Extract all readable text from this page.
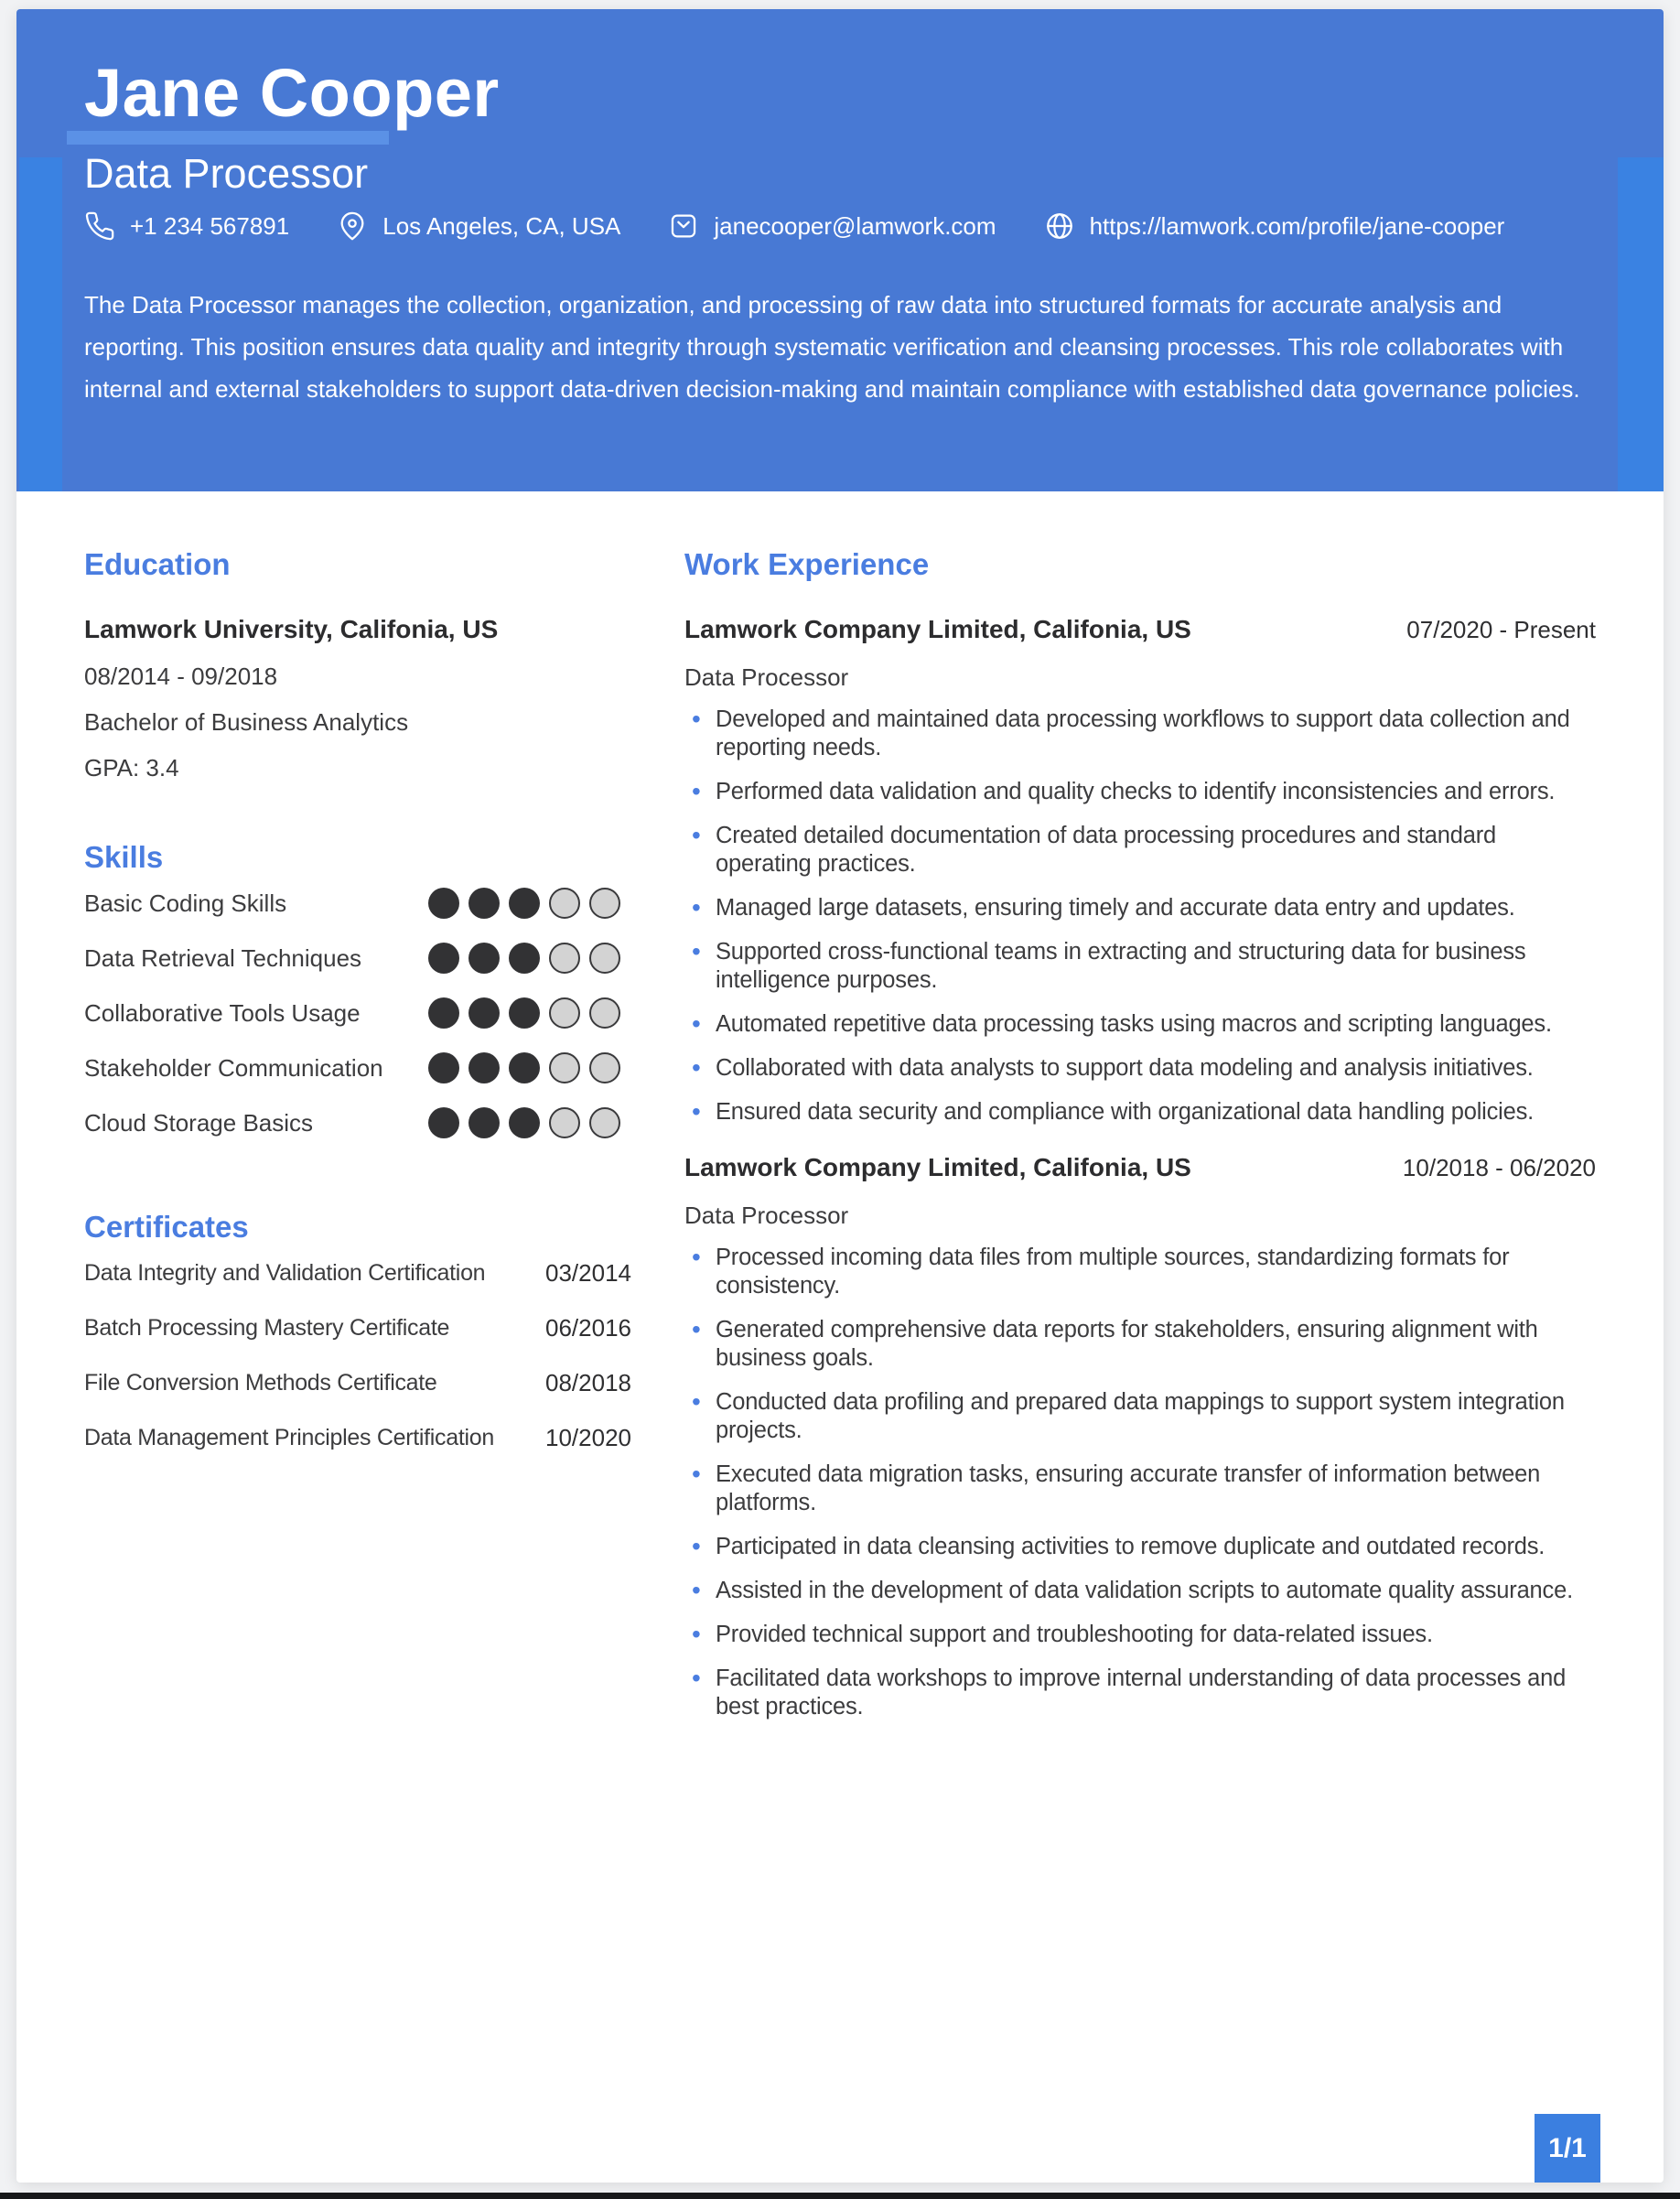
Jane Cooper
Data Processor
+1 234 567891	Los Angeles, CA, USA	janecooper@lamwork.com	https://lamwork.com/profile/jane-cooper

The Data Processor manages the collection, organization, and processing of raw data into structured formats for accurate analysis and reporting. This position ensures data quality and integrity through systematic verification and cleansing processes. This role collaborates with internal and external stakeholders to support data-driven decision-making and maintain compliance with established data governance policies.

Education
Lamwork University, Califonia, US
08/2014 - 09/2018
Bachelor of Business Analytics
GPA: 3.4
Skills
Basic Coding Skills
Data Retrieval Techniques
Collaborative Tools Usage
Stakeholder Communication
Cloud Storage Basics
Certificates
Data Integrity and Validation Certification	03/2014
Batch Processing Mastery Certificate	06/2016
File Conversion Methods Certificate	08/2018
Data Management Principles Certification 10/2020
Work Experience
Lamwork Company Limited, Califonia, US	07/2020 - Present
Data Processor
• Developed and maintained data processing workflows to support data collection and reporting needs.
• Performed data validation and quality checks to identify inconsistencies and errors.
• Created detailed documentation of data processing procedures and standard operating practices.
• Managed large datasets, ensuring timely and accurate data entry and updates.
• Supported cross-functional teams in extracting and structuring data for business intelligence purposes.
• Automated repetitive data processing tasks using macros and scripting languages.
• Collaborated with data analysts to support data modeling and analysis initiatives.
• Ensured data security and compliance with organizational data handling policies.
Lamwork Company Limited, Califonia, US	10/2018 - 06/2020
Data Processor
• Processed incoming data files from multiple sources, standardizing formats for consistency.
• Generated comprehensive data reports for stakeholders, ensuring alignment with business goals.
• Conducted data profiling and prepared data mappings to support system integration projects.
• Executed data migration tasks, ensuring accurate transfer of information between platforms.
• Participated in data cleansing activities to remove duplicate and outdated records.
• Assisted in the development of data validation scripts to automate quality assurance.
• Provided technical support and troubleshooting for data-related issues.
• Facilitated data workshops to improve internal understanding of data processes and best practices.
1/1
